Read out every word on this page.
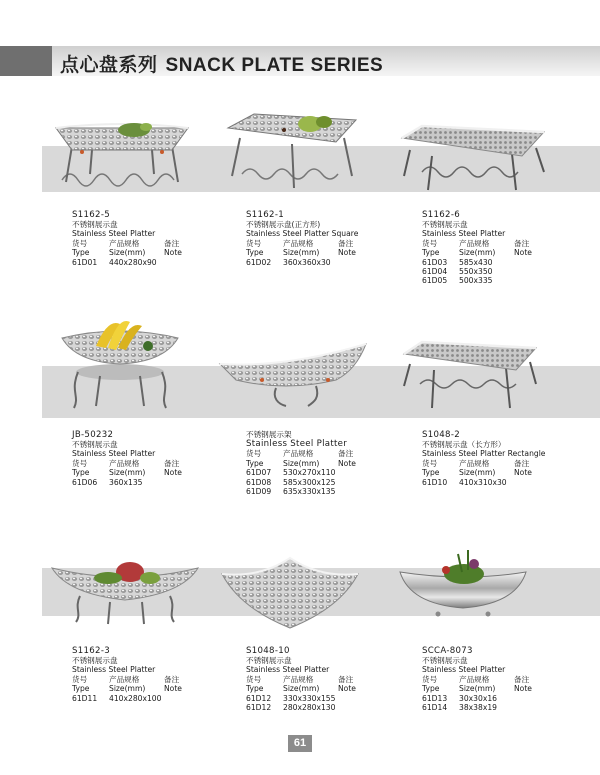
点心盘系列 SNACK PLATE SERIES
S1162-5
不锈钢展示盘
Stainless Steel Platter
货号	产品规格	备注
Type	Size(mm)	Note
61D01	440x280x90
S1162-1
不锈钢展示盘(正方形)
Stainless Steel Platter Square
货号	产品规格	备注
Type	Size(mm)	Note
61D02	360x360x30
S1162-6
不锈钢展示盘
Stainless Steel Platter
货号	产品规格	备注
Type	Size(mm)	Note
61D03	585x430
61D04	550x350
61D05	500x335
JB-50232
不锈钢展示盘
Stainless Steel Platter
货号	产品规格	备注
Type	Size(mm)	Note
61D06	360x135
不锈钢展示架
Stainless Steel Platter
货号	产品规格	备注
Type	Size(mm)	Note
61D07	530x270x110
61D08	585x300x125
61D09	635x330x135
S1048-2
不锈钢展示盘（长方形）
Stainless Steel Platter Rectangle
货号	产品规格	备注
Type	Size(mm)	Note
61D10	410x310x30
S1162-3
不锈钢展示盘
Stainless Steel Platter
货号	产品规格	备注
Type	Size(mm)	Note
61D11	410x280x100
S1048-10
不锈钢展示盘
Stainless Steel Platter
货号	产品规格	备注
Type	Size(mm)	Note
61D12	330x330x155
61D12	280x280x130
SCCA-8073
不锈钢展示盘
Stainless Steel Platter
货号	产品规格	备注
Type	Size(mm)	Note
61D13	30x30x16
61D14	38x38x19
61
